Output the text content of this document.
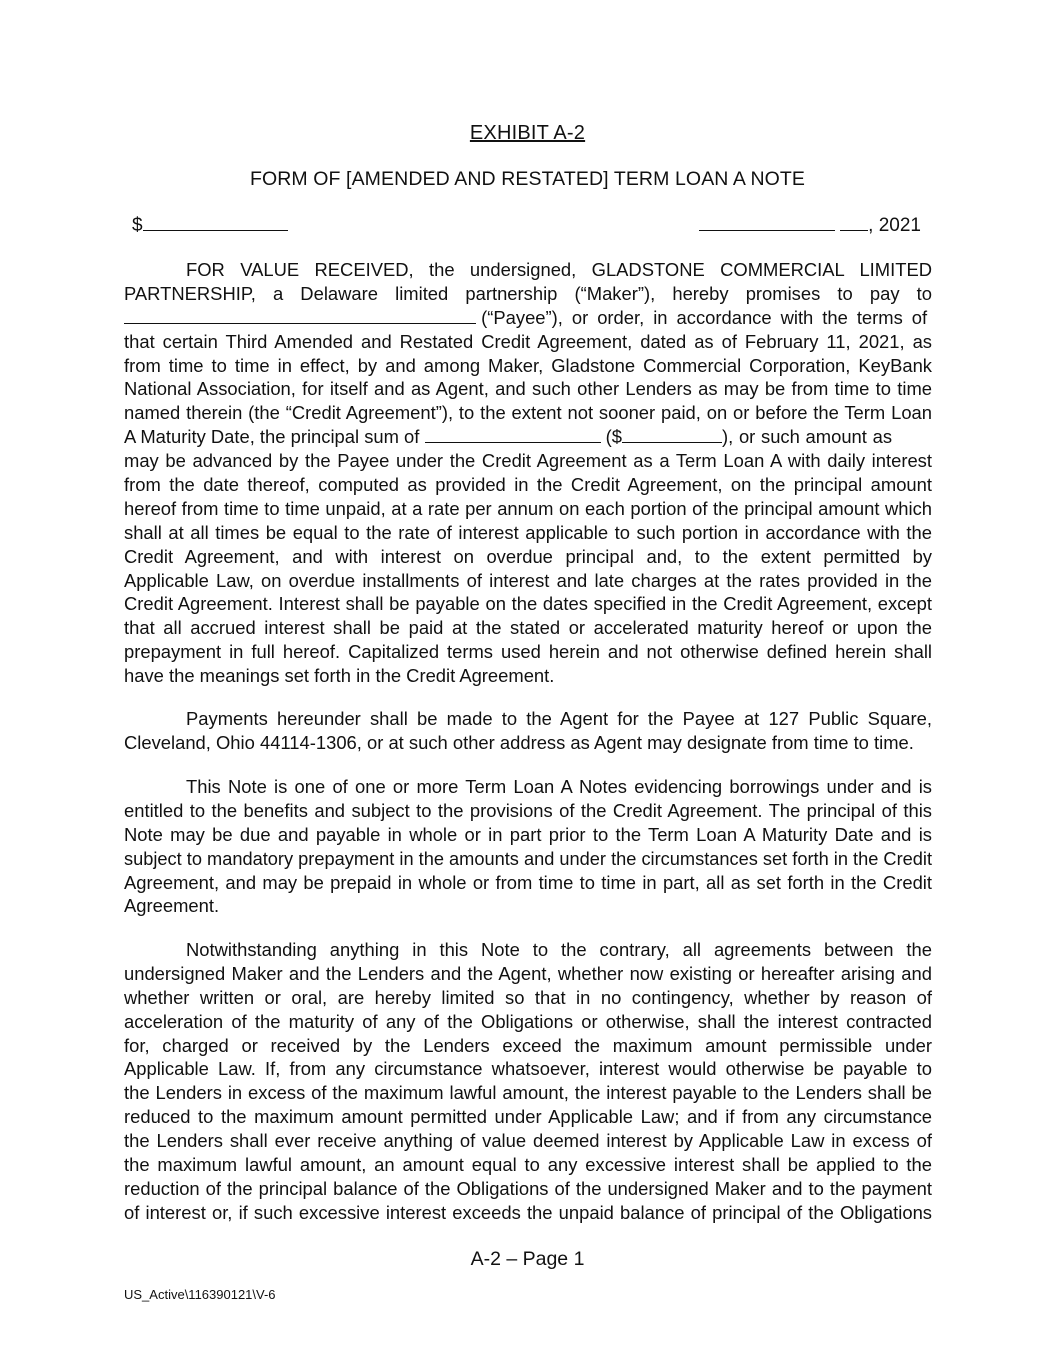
EXHIBIT A-2
FORM OF [AMENDED AND RESTATED] TERM LOAN A NOTE
$	, 2021
FOR VALUE RECEIVED, the undersigned, GLADSTONE COMMERCIAL LIMITED
PARTNERSHIP, a Delaware limited partnership (“Maker”), hereby promises to pay to
(“Payee”), or order, in accordance with the terms of
that certain Third Amended and Restated Credit Agreement, dated as of February 11, 2021, as
from time to time in effect, by and among Maker, Gladstone Commercial Corporation, KeyBank
National Association, for itself and as Agent, and such other Lenders as may be from time to time
named therein (the “Credit Agreement”), to the extent not sooner paid, on or before the Term Loan
A Maturity Date, the principal sum of	($	), or such amount as
may be advanced by the Payee under the Credit Agreement as a Term Loan A with daily interest
from the date thereof, computed as provided in the Credit Agreement, on the principal amount
hereof from time to time unpaid, at a rate per annum on each portion of the principal amount which
shall at all times be equal to the rate of interest applicable to such portion in accordance with the
Credit Agreement, and with interest on overdue principal and, to the extent permitted by
Applicable Law, on overdue installments of interest and late charges at the rates provided in the
Credit Agreement. Interest shall be payable on the dates specified in the Credit Agreement, except
that all accrued interest shall be paid at the stated or accelerated maturity hereof or upon the
prepayment in full hereof. Capitalized terms used herein and not otherwise defined herein shall
have the meanings set forth in the Credit Agreement.
Payments hereunder shall be made to the Agent for the Payee at 127 Public Square,
Cleveland, Ohio 44114-1306, or at such other address as Agent may designate from time to time.
This Note is one of one or more Term Loan A Notes evidencing borrowings under and is
entitled to the benefits and subject to the provisions of the Credit Agreement. The principal of this
Note may be due and payable in whole or in part prior to the Term Loan A Maturity Date and is
subject to mandatory prepayment in the amounts and under the circumstances set forth in the Credit
Agreement, and may be prepaid in whole or from time to time in part, all as set forth in the Credit
Agreement.
Notwithstanding anything in this Note to the contrary, all agreements between the
undersigned Maker and the Lenders and the Agent, whether now existing or hereafter arising and
whether written or oral, are hereby limited so that in no contingency, whether by reason of
acceleration of the maturity of any of the Obligations or otherwise, shall the interest contracted
for, charged or received by the Lenders exceed the maximum amount permissible under
Applicable Law. If, from any circumstance whatsoever, interest would otherwise be payable to
the Lenders in excess of the maximum lawful amount, the interest payable to the Lenders shall be
reduced to the maximum amount permitted under Applicable Law; and if from any circumstance
the Lenders shall ever receive anything of value deemed interest by Applicable Law in excess of
the maximum lawful amount, an amount equal to any excessive interest shall be applied to the
reduction of the principal balance of the Obligations of the undersigned Maker and to the payment
of interest or, if such excessive interest exceeds the unpaid balance of principal of the Obligations
A-2 – Page 1
US_Active\116390121\V-6
